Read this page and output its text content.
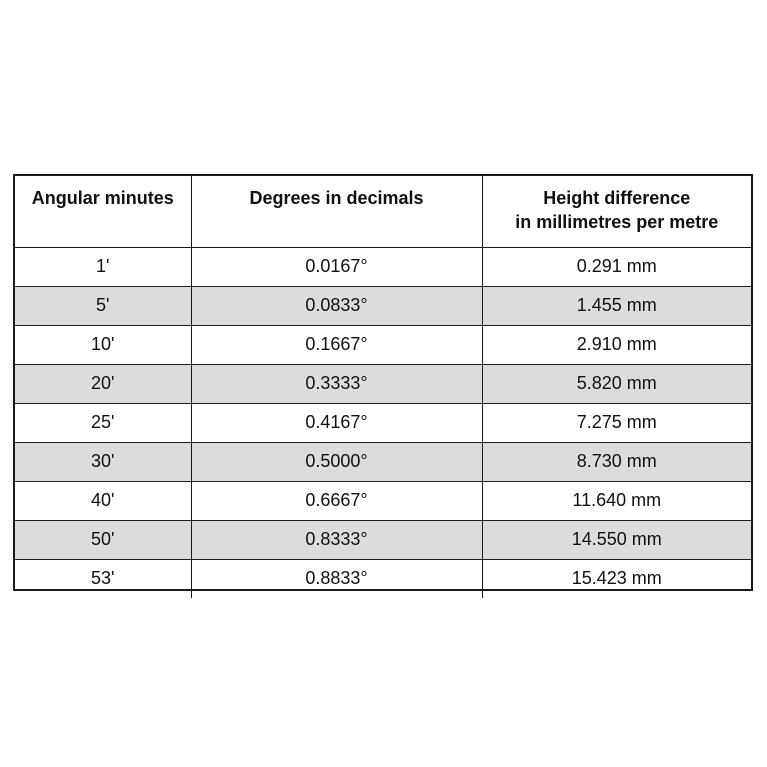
Angular minutes	Degrees in decimals	Height difference
in millimetres per metre

1'	0.0167°	0.291 mm
5'	0.0833°	1.455 mm
10'	0.1667°	2.910 mm
20'	0.3333°	5.820 mm
25'	0.4167°	7.275 mm
30'	0.5000°	8.730 mm
40'	0.6667°	11.640 mm
50'	0.8333°	14.550 mm
53'	0.8833°	15.423 mm
